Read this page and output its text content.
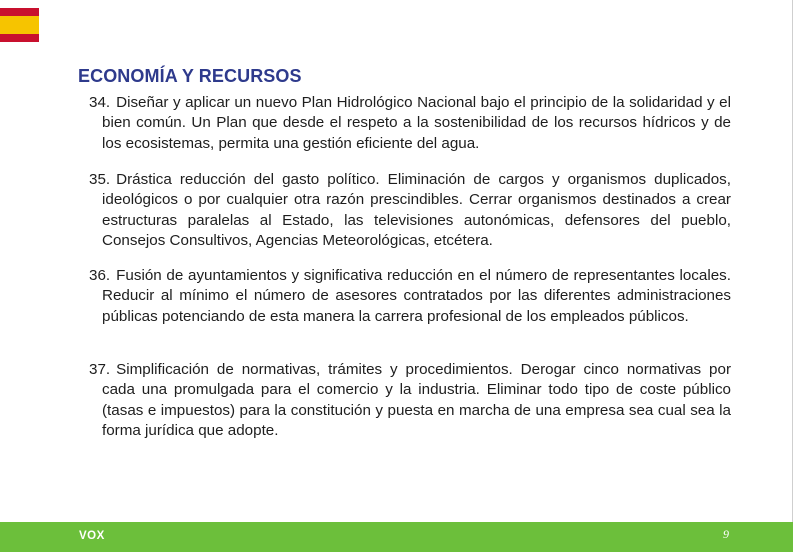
ECONOMÍA Y RECURSOS
34. Diseñar y aplicar un nuevo Plan Hidrológico Nacional bajo el principio de la solidaridad y el bien común. Un Plan que desde el respeto a la sostenibilidad de los recursos hídricos y de los ecosistemas, permita una gestión eficiente del agua.
35. Drástica reducción del gasto político. Eliminación de cargos y organismos duplicados, ideológicos o por cualquier otra razón prescindibles. Cerrar organismos destinados a crear estructuras paralelas al Estado, las televisiones autonómicas, defensores del pueblo, Consejos Consultivos, Agencias Meteorológicas, etcétera.
36. Fusión de ayuntamientos y significativa reducción en el número de representantes locales. Reducir al mínimo el número de asesores contratados por las diferentes administraciones públicas potenciando de esta manera la carrera profesional de los empleados públicos.
37. Simplificación de normativas, trámites y procedimientos. Derogar cinco normativas por cada una promulgada para el comercio y la industria. Eliminar todo tipo de coste público (tasas e impuestos) para la constitución y puesta en marcha de una empresa sea cual sea la forma jurídica que adopte.
VOX	9
